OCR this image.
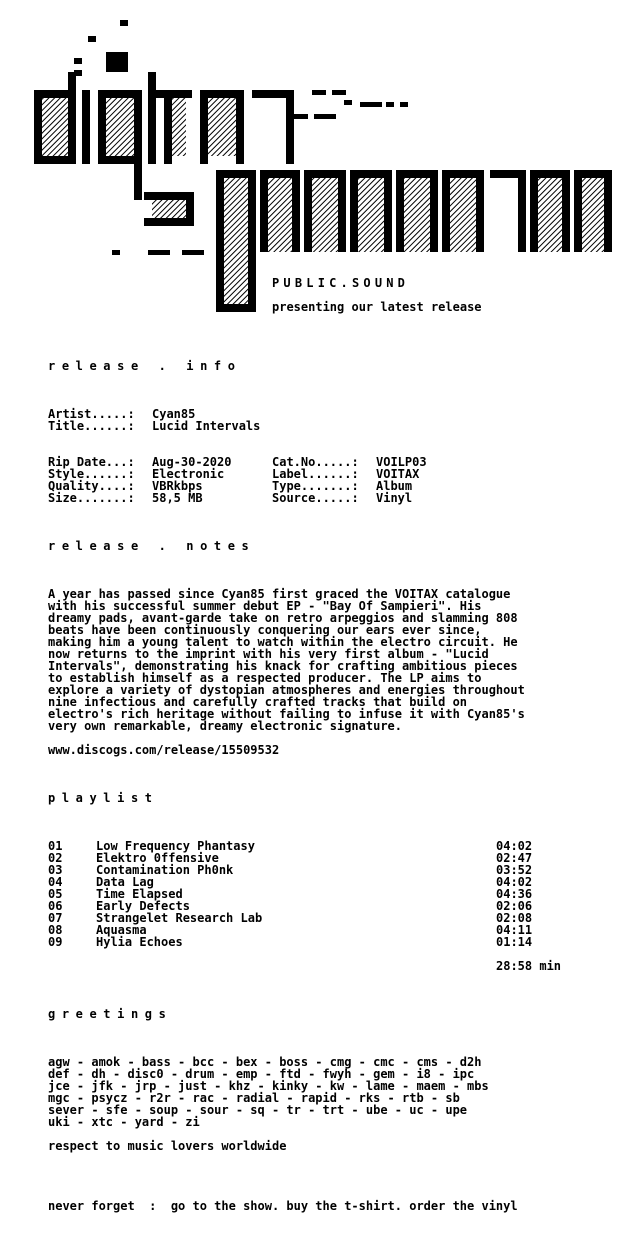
PUBLIC.SOUND
presenting our latest release
release . info
Artist.....: Cyan85
Title......: Lucid Intervals
Rip Date...: Aug-30-2020
Style......: Electronic
Quality....: VBRkbps
Size.......: 58,5 MB
Cat.No.....: VOILP03
Label......: VOITAX
Type.......: Album
Source.....: Vinyl
release . notes
A year has passed since Cyan85 first graced the VOITAX catalogue
with his successful summer debut EP - "Bay Of Sampieri". His
dreamy pads, avant-garde take on retro arpeggios and slamming 808
beats have been continuously conquering our ears ever since,
making him a young talent to watch within the electro circuit. He
now returns to the imprint with his very first album - "Lucid
Intervals", demonstrating his knack for crafting ambitious pieces
to establish himself as a respected producer. The LP aims to
explore a variety of dystopian atmospheres and energies throughout
nine infectious and carefully crafted tracks that build on
electro's rich heritage without failing to infuse it with Cyan85's
very own remarkable, dreamy electronic signature.
www.discogs.com/release/15509532
playlist
01	Low Frequency Phantasy	04:02
02	Elektro 0ffensive	02:47
03	Contamination Ph0nk	03:52
04	Data Lag	04:02
05	Time Elapsed	04:36
06	Early Defects	02:06
07	Strangelet Research Lab	02:08
08	Aquasma	04:11
09	Hylia Echoes	01:14
28:58 min
greetings
agw - amok - bass - bcc - bex - boss - cmg - cmc - cms - d2h
def - dh - disc0 - drum - emp - ftd - fwyh - gem - i8 - ipc
jce - jfk - jrp - just - khz - kinky - kw - lame - maem - mbs
mgc - psycz - r2r - rac - radial - rapid - rks - rtb - sb
sever - sfe - soup - sour - sq - tr - trt - ube - uc - upe
uki - xtc - yard - zi
respect to music lovers worldwide
never forget  :  go to the show. buy the t-shirt. order the vinyl
